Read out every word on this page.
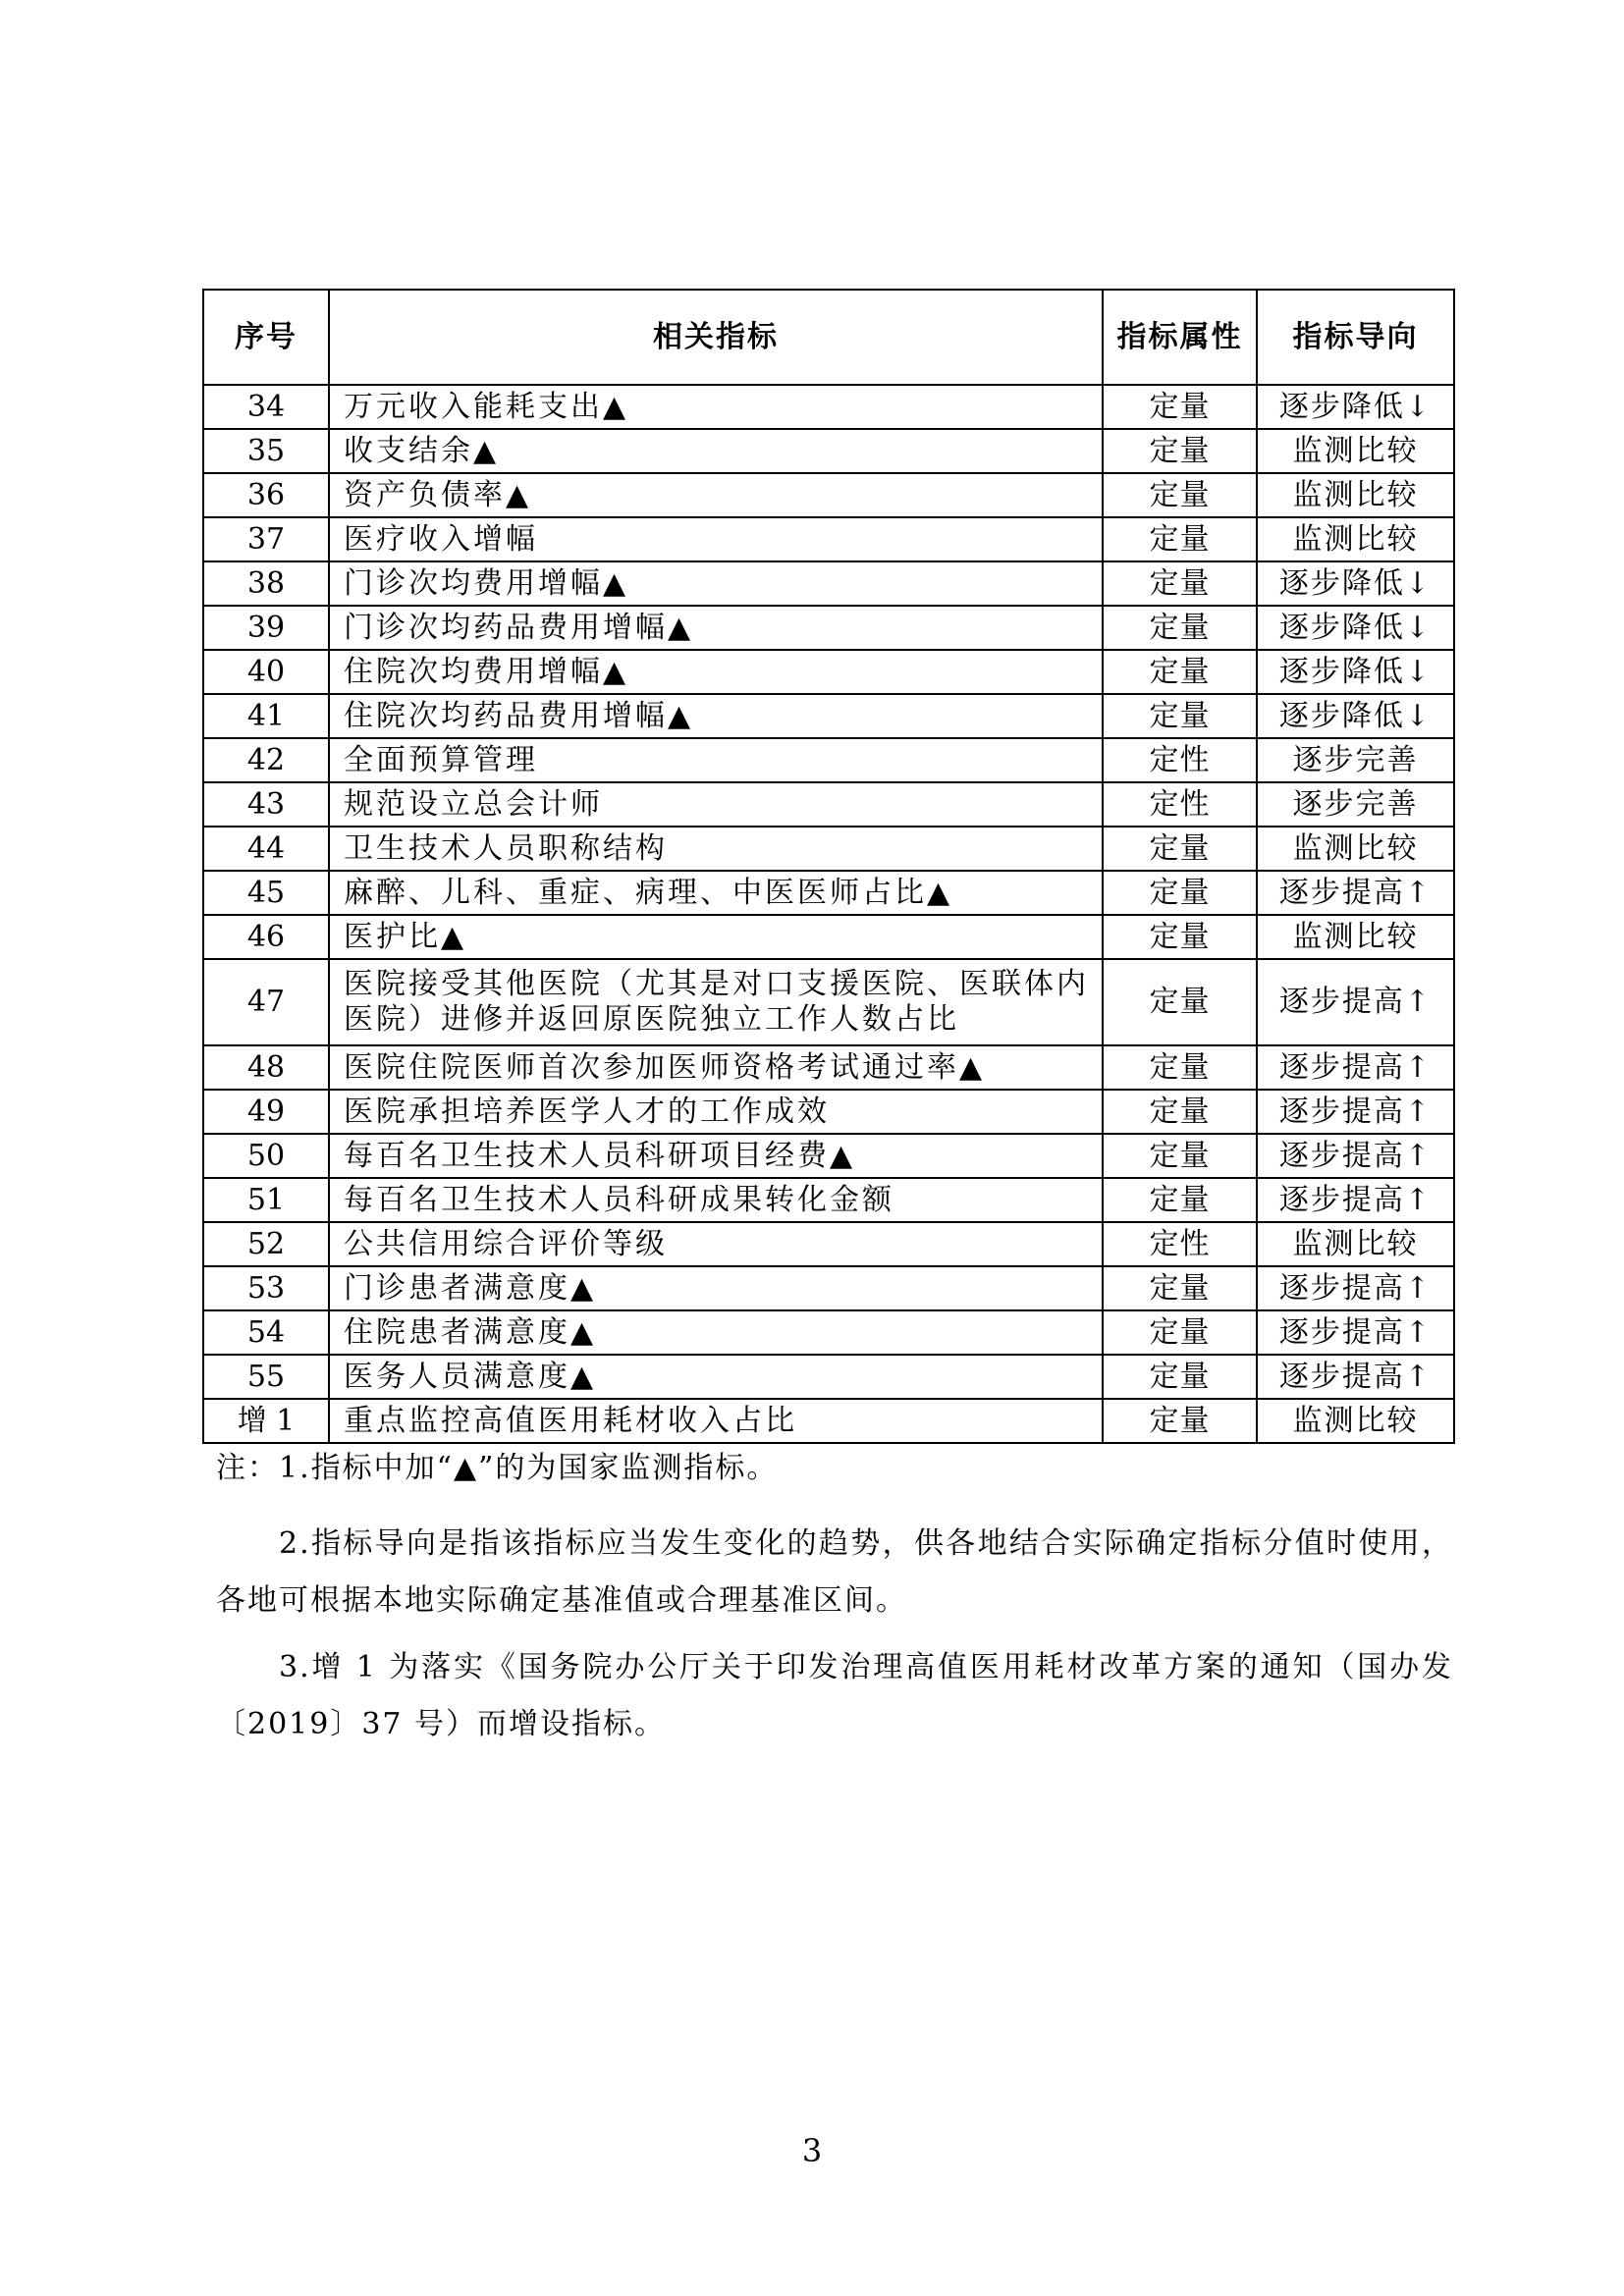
序号	相关指标	指标属性	指标导向
34	万元收入能耗支出▲	定量	逐步降低↓
35	收支结余▲	定量	监测比较
36	资产负债率▲	定量	监测比较
37	医疗收入增幅	定量	监测比较
38	门诊次均费用增幅▲	定量	逐步降低↓
39	门诊次均药品费用增幅▲	定量	逐步降低↓
40	住院次均费用增幅▲	定量	逐步降低↓
41	住院次均药品费用增幅▲	定量	逐步降低↓
42	全面预算管理	定性	逐步完善
43	规范设立总会计师	定性	逐步完善
44	卫生技术人员职称结构	定量	监测比较
45	麻醉、儿科、重症、病理、中医医师占比▲	定量	逐步提高↑
46	医护比▲	定量	监测比较
47	医院接受其他医院（尤其是对口支援医院、医联体内医院）进修并返回原医院独立工作人数占比	定量	逐步提高↑
48	医院住院医师首次参加医师资格考试通过率▲	定量	逐步提高↑
49	医院承担培养医学人才的工作成效	定量	逐步提高↑
50	每百名卫生技术人员科研项目经费▲	定量	逐步提高↑
51	每百名卫生技术人员科研成果转化金额	定量	逐步提高↑
52	公共信用综合评价等级	定性	监测比较
53	门诊患者满意度▲	定量	逐步提高↑
54	住院患者满意度▲	定量	逐步提高↑
55	医务人员满意度▲	定量	逐步提高↑
增 1	重点监控高值医用耗材收入占比	定量	监测比较

注：1.指标中加“▲”的为国家监测指标。

2.指标导向是指该指标应当发生变化的趋势，供各地结合实际确定指标分值时使用，各地可根据本地实际确定基准值或合理基准区间。

3.增 1 为落实《国务院办公厅关于印发治理高值医用耗材改革方案的通知（国办发〔2019〕37 号）而增设指标。

3
